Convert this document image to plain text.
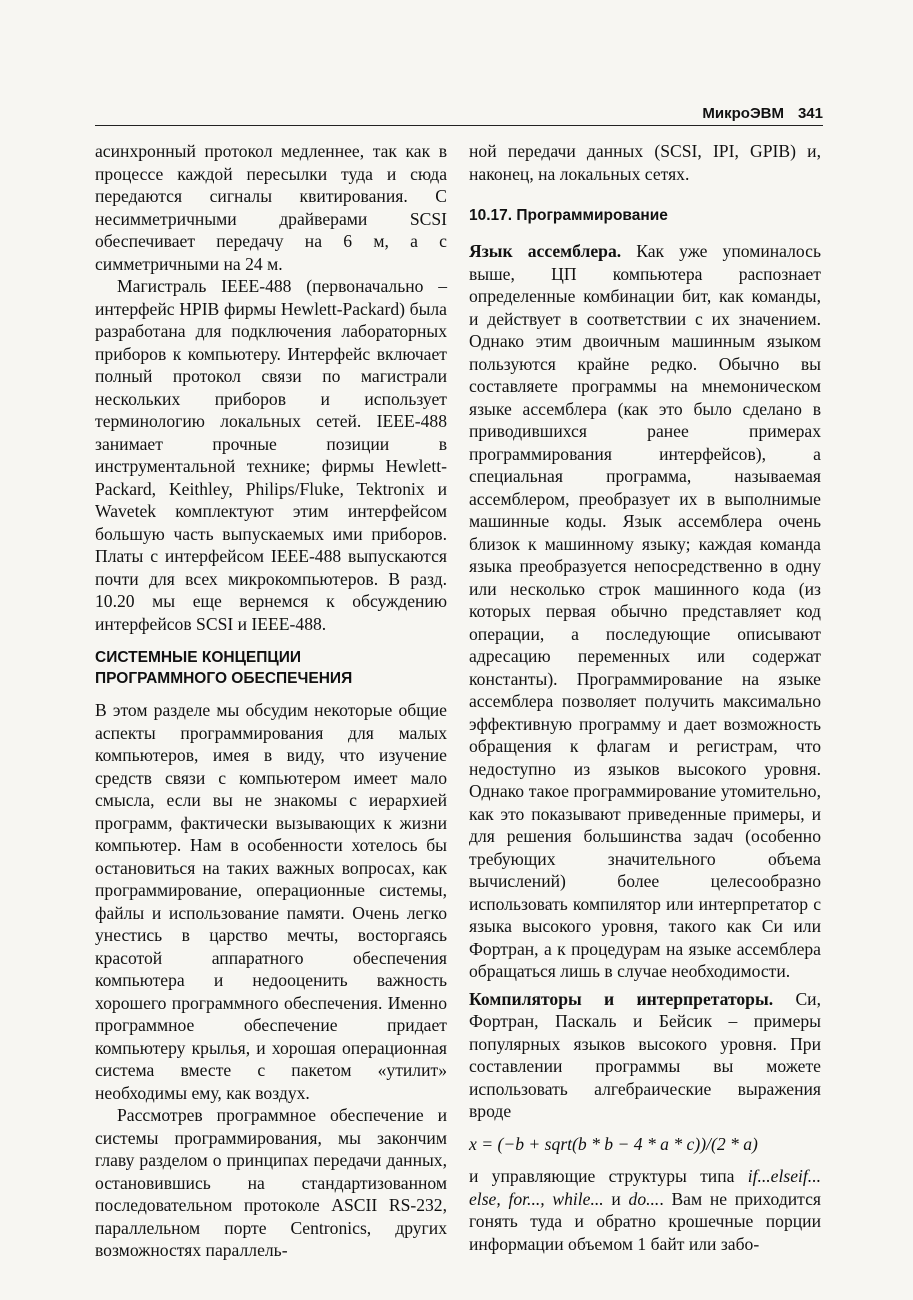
МикроЭВМ 341

асинхронный протокол медленнее, так как в процессе каждой пересылки туда и сюда передаются сигналы квитирования. С несимметричными драйверами SCSI обеспечивает передачу на 6 м, а с симметричными на 24 м.

Магистраль IEEE-488 (первоначально – интерфейс HPIB фирмы Hewlett-Packard) была разработана для подключения лабораторных приборов к компьютеру. Интерфейс включает полный протокол связи по магистрали нескольких приборов и использует терминологию локальных сетей. IEEE-488 занимает прочные позиции в инструментальной технике; фирмы Hewlett-Packard, Keithley, Philips/Fluke, Tektronix и Wavetek комплектуют этим интерфейсом большую часть выпускаемых ими приборов. Платы с интерфейсом IEEE-488 выпускаются почти для всех микрокомпьютеров. В разд. 10.20 мы еще вернемся к обсуждению интерфейсов SCSI и IEEE-488.

СИСТЕМНЫЕ КОНЦЕПЦИИ
ПРОГРАММНОГО ОБЕСПЕЧЕНИЯ

В этом разделе мы обсудим некоторые общие аспекты программирования для малых компьютеров, имея в виду, что изучение средств связи с компьютером имеет мало смысла, если вы не знакомы с иерархией программ, фактически вызывающих к жизни компьютер. Нам в особенности хотелось бы остановиться на таких важных вопросах, как программирование, операционные системы, файлы и использование памяти. Очень легко унестись в царство мечты, восторгаясь красотой аппаратного обеспечения компьютера и недооценить важность хорошего программного обеспечения. Именно программное обеспечение придает компьютеру крылья, и хорошая операционная система вместе с пакетом «утилит» необходимы ему, как воздух.

Рассмотрев программное обеспечение и системы программирования, мы закончим главу разделом о принципах передачи данных, остановившись на стандартизованном последовательном протоколе ASCII RS-232, параллельном порте Centronics, других возможностях параллель-

ной передачи данных (SCSI, IPI, GPIB) и, наконец, на локальных сетях.

10.17. Программирование

Язык ассемблера. Как уже упоминалось выше, ЦП компьютера распознает определенные комбинации бит, как команды, и действует в соответствии с их значением. Однако этим двоичным машинным языком пользуются крайне редко. Обычно вы составляете программы на мнемоническом языке ассемблера (как это было сделано в приводившихся ранее примерах программирования интерфейсов), а специальная программа, называемая ассемблером, преобразует их в выполнимые машинные коды. Язык ассемблера очень близок к машинному языку; каждая команда языка преобразуется непосредственно в одну или несколько строк машинного кода (из которых первая обычно представляет код операции, а последующие описывают адресацию переменных или содержат константы). Программирование на языке ассемблера позволяет получить максимально эффективную программу и дает возможность обращения к флагам и регистрам, что недоступно из языков высокого уровня. Однако такое программирование утомительно, как это показывают приведенные примеры, и для решения большинства задач (особенно требующих значительного объема вычислений) более целесообразно использовать компилятор или интерпретатор с языка высокого уровня, такого как Си или Фортран, а к процедурам на языке ассемблера обращаться лишь в случае необходимости.

Компиляторы и интерпретаторы. Си, Фортран, Паскаль и Бейсик – примеры популярных языков высокого уровня. При составлении программы вы можете использовать алгебраические выражения вроде

x = (−b + sqrt(b * b − 4 * a * c))/(2 * a)

и управляющие структуры типа if...elseif... else, for..., while... и do.... Вам не приходится гонять туда и обратно крошечные порции информации объемом 1 байт или забо-
